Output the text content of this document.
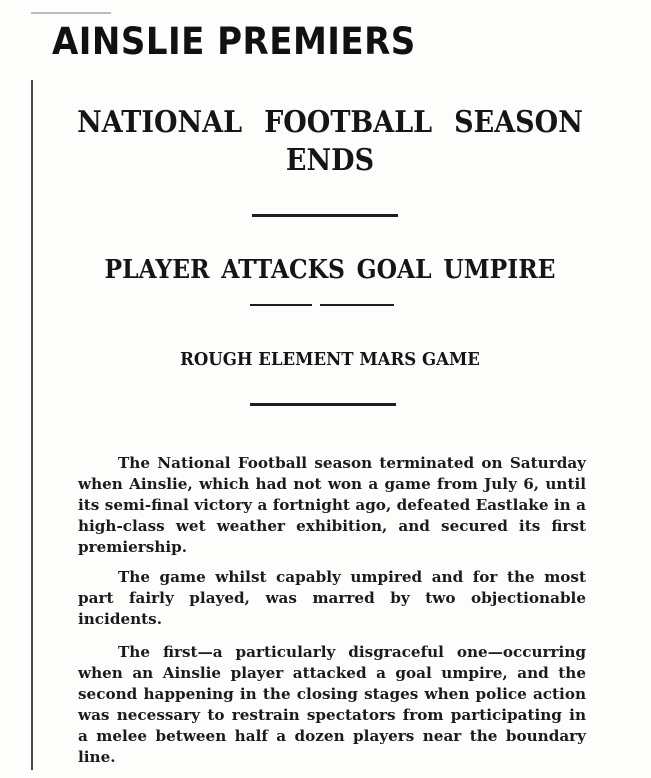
AINSLIE PREMIERS
NATIONAL FOOTBALL SEASON
ENDS
PLAYER ATTACKS GOAL UMPIRE
ROUGH ELEMENT MARS GAME

The National Football season terminated on Saturday when Ainslie, which had not won a game from July 6, until its semi-final victory a fortnight ago, defeated Eastlake in a high-class wet weather exhibition, and secured its first premiership.

The game whilst capably umpired and for the most part fairly played, was marred by two objectionable incidents.

The first—a particularly disgraceful one—occurring when an Ainslie player attacked a goal umpire, and the second happening in the closing stages when police action was necessary to restrain spectators from participating in a melee between half a dozen players near the boundary line.
